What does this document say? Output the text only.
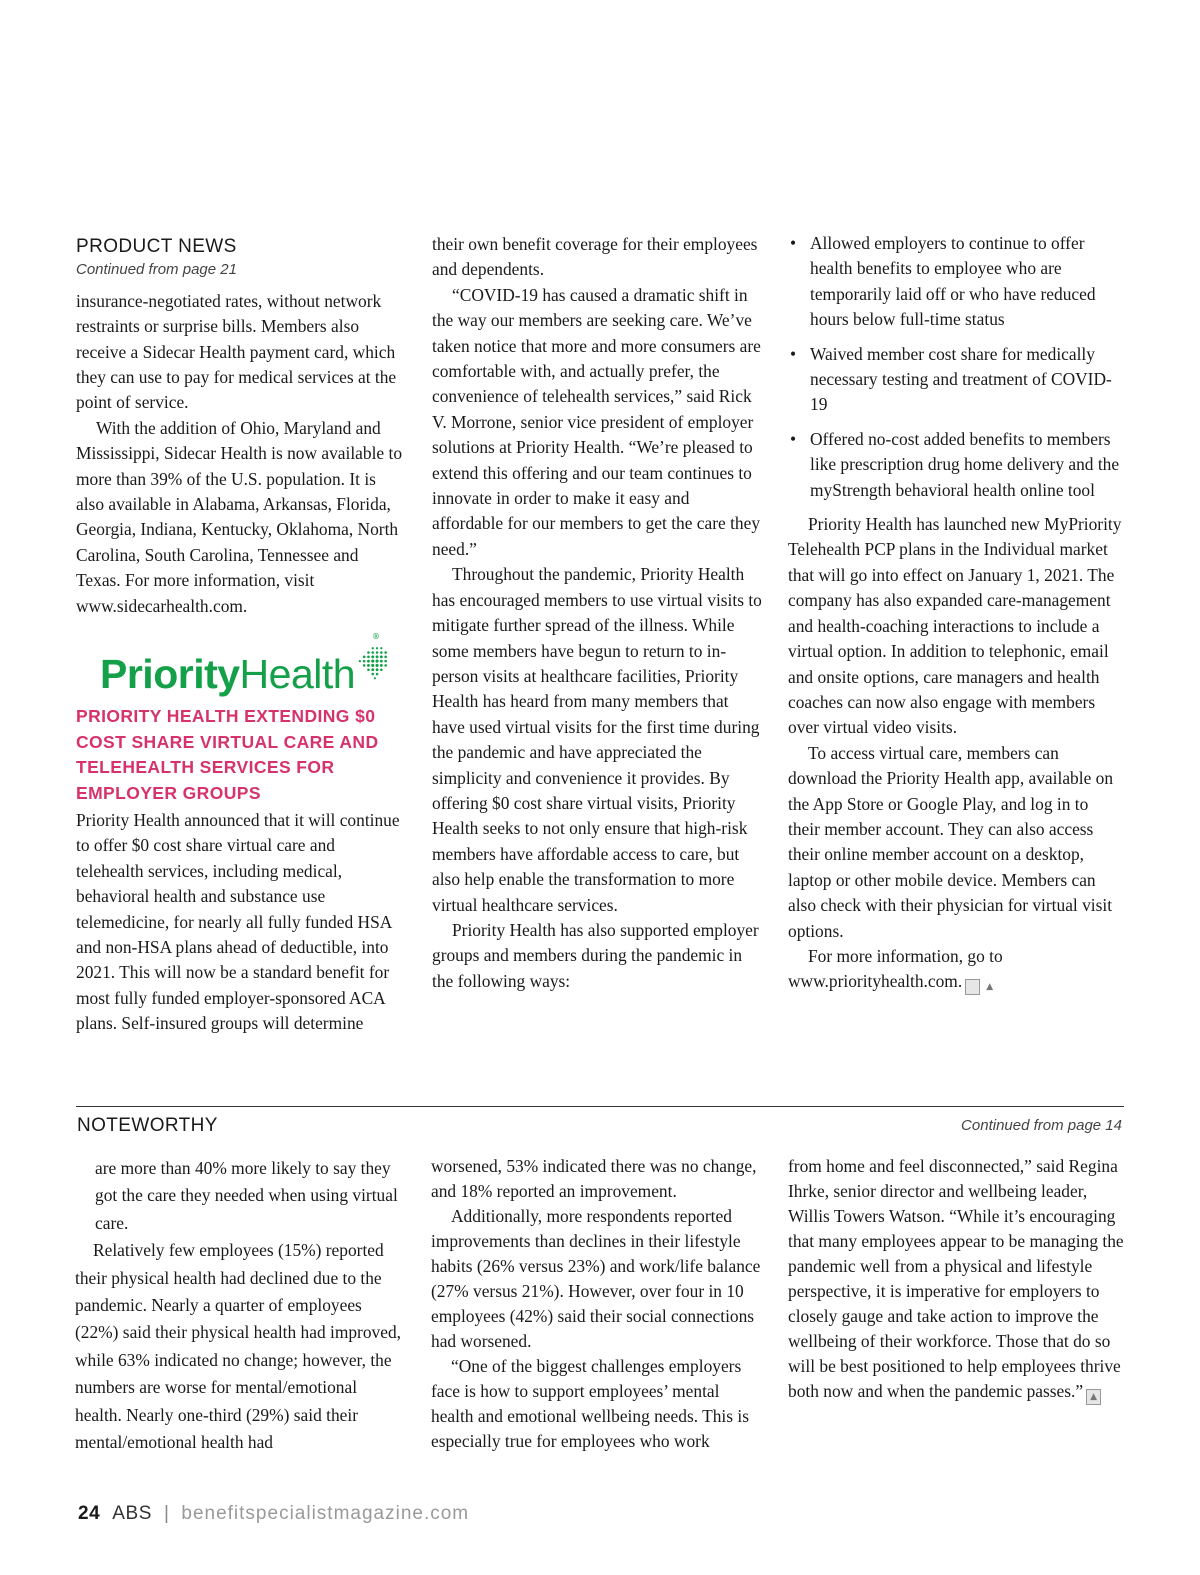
PRODUCT NEWS
Continued from page 21

insurance-negotiated rates, without network restraints or surprise bills. Members also receive a Sidecar Health payment card, which they can use to pay for medical services at the point of service.

With the addition of Ohio, Maryland and Mississippi, Sidecar Health is now available to more than 39% of the U.S. population. It is also available in Alabama, Arkansas, Florida, Georgia, Indiana, Kentucky, Oklahoma, North Carolina, South Carolina, Tennessee and Texas. For more information, visit www.sidecarhealth.com.

PriorityHealth
®
PRIORITY HEALTH EXTENDING $0 COST SHARE VIRTUAL CARE AND TELEHEALTH SERVICES FOR EMPLOYER GROUPS

Priority Health announced that it will continue to offer $0 cost share virtual care and telehealth services, including medical, behavioral health and substance use telemedicine, for nearly all fully funded HSA and non-HSA plans ahead of deductible, into 2021. This will now be a standard benefit for most fully funded employer-sponsored ACA plans. Self-insured groups will determine

their own benefit coverage for their employees and dependents.

“COVID-19 has caused a dramatic shift in the way our members are seeking care. We’ve taken notice that more and more consumers are comfortable with, and actually prefer, the convenience of telehealth services,” said Rick V. Morrone, senior vice president of employer solutions at Priority Health. “We’re pleased to extend this offering and our team continues to innovate in order to make it easy and affordable for our members to get the care they need.”

Throughout the pandemic, Priority Health has encouraged members to use virtual visits to mitigate further spread of the illness. While some members have begun to return to in-person visits at healthcare facilities, Priority Health has heard from many members that have used virtual visits for the first time during the pandemic and have appreciated the simplicity and convenience it provides. By offering $0 cost share virtual visits, Priority Health seeks to not only ensure that high-risk members have affordable access to care, but also help enable the transformation to more virtual healthcare services.

Priority Health has also supported employer groups and members during the pandemic in the following ways:

• Allowed employers to continue to offer health benefits to employee who are temporarily laid off or who have reduced hours below full-time status
• Waived member cost share for medically necessary testing and treatment of COVID-19
• Offered no-cost added benefits to members like prescription drug home delivery and the myStrength behavioral health online tool

Priority Health has launched new MyPriority Telehealth PCP plans in the Individual market that will go into effect on January 1, 2021. The company has also expanded care-management and health-coaching interactions to include a virtual option. In addition to telephonic, email and onsite options, care managers and health coaches can now also engage with members over virtual video visits.

To access virtual care, members can download the Priority Health app, available on the App Store or Google Play, and log in to their member account. They can also access their online member account on a desktop, laptop or other mobile device. Members can also check with their physician for virtual visit options.

For more information, go to www.priorityhealth.com.	▲

NOTEWORTHY	Continued from page 14

are more than 40% more likely to say they got the care they needed when using virtual care.

Relatively few employees (15%) reported their physical health had declined due to the pandemic. Nearly a quarter of employees (22%) said their physical health had improved, while 63% indicated no change; however, the numbers are worse for mental/emotional health. Nearly one-third (29%) said their mental/emotional health had

worsened, 53% indicated there was no change, and 18% reported an improvement.

Additionally, more respondents reported improvements than declines in their lifestyle habits (26% versus 23%) and work/life balance (27% versus 21%). However, over four in 10 employees (42%) said their social connections had worsened.

“One of the biggest challenges employers face is how to support employees’ mental health and emotional wellbeing needs. This is especially true for employees who work

from home and feel disconnected,” said Regina Ihrke, senior director and wellbeing leader, Willis Towers Watson. “While it’s encouraging that many employees appear to be managing the pandemic well from a physical and lifestyle perspective, it is imperative for employers to closely gauge and take action to improve the wellbeing of their workforce. Those that do so will be best positioned to help employees thrive both now and when the pandemic passes.” ▲

24 ABS | benefitspecialistmagazine.com
